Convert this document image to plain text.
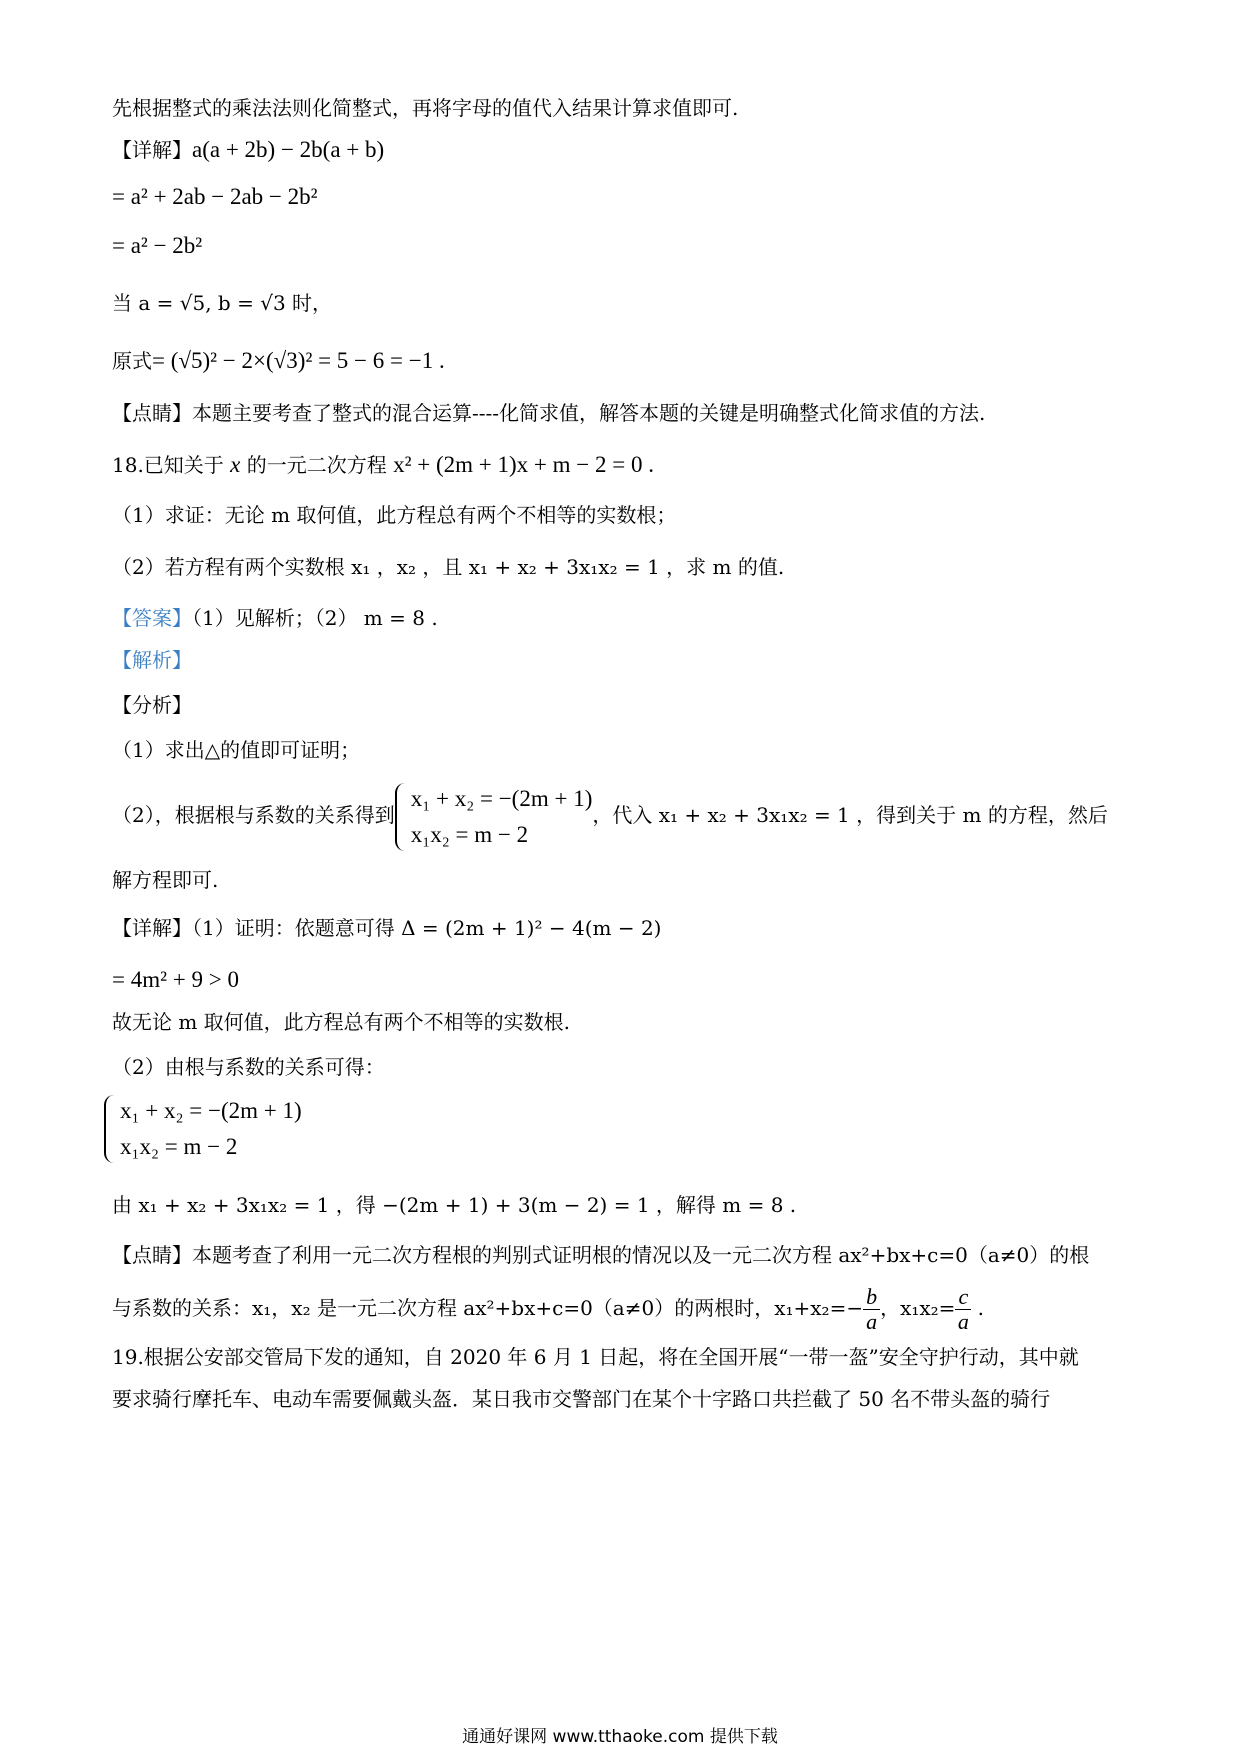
先根据整式的乘法法则化简整式，再将字母的值代入结果计算求值即可.
【详解】a(a + 2b) − 2b(a + b)
= a² + 2ab − 2ab − 2b²
= a² − 2b²
当 a = √5, b = √3 时，
原式= (√5)² − 2×(√3)² = 5 − 6 = −1 .
【点睛】本题主要考查了整式的混合运算----化简求值，解答本题的关键是明确整式化简求值的方法.
18.已知关于 x 的一元二次方程 x² + (2m + 1)x + m − 2 = 0 .
（1）求证：无论 m 取何值，此方程总有两个不相等的实数根；
（2）若方程有两个实数根 x₁ ，x₂ ，且 x₁ + x₂ + 3x₁x₂ = 1 ，求 m 的值.
【答案】（1）见解析；（2） m = 8 .
【解析】
【分析】
（1）求出△的值即可证明；
（2），根据根与系数的关系得到
x₁ + x₂ = −(2m + 1)
x₁x₂ = m − 2
，代入 x₁ + x₂ + 3x₁x₂ = 1 ，得到关于 m 的方程，然后
解方程即可.
【详解】（1）证明：依题意可得 Δ = (2m + 1)² − 4(m − 2)
= 4m² + 9 > 0
故无论 m 取何值，此方程总有两个不相等的实数根.
（2）由根与系数的关系可得：
x₁ + x₂ = −(2m + 1)
x₁x₂ = m − 2
由 x₁ + x₂ + 3x₁x₂ = 1 ，得 −(2m + 1) + 3(m − 2) = 1 ，解得 m = 8 .
【点睛】本题考查了利用一元二次方程根的判别式证明根的情况以及一元二次方程 ax²+bx+c=0（a≠0）的根
与系数的关系：x₁，x₂ 是一元二次方程 ax²+bx+c=0（a≠0）的两根时，$x_1+x_2=- \frac{b}{a}$ ，$x_1x_2= \frac{c}{a}$ .
19.根据公安部交管局下发的通知，自 2020 年 6 月 1 日起，将在全国开展“一带一盔”安全守护行动，其中就
要求骑行摩托车、电动车需要佩戴头盔．某日我市交警部门在某个十字路口共拦截了 50 名不带头盔的骑行
通通好课网 www.tthaoke.com 提供下载
